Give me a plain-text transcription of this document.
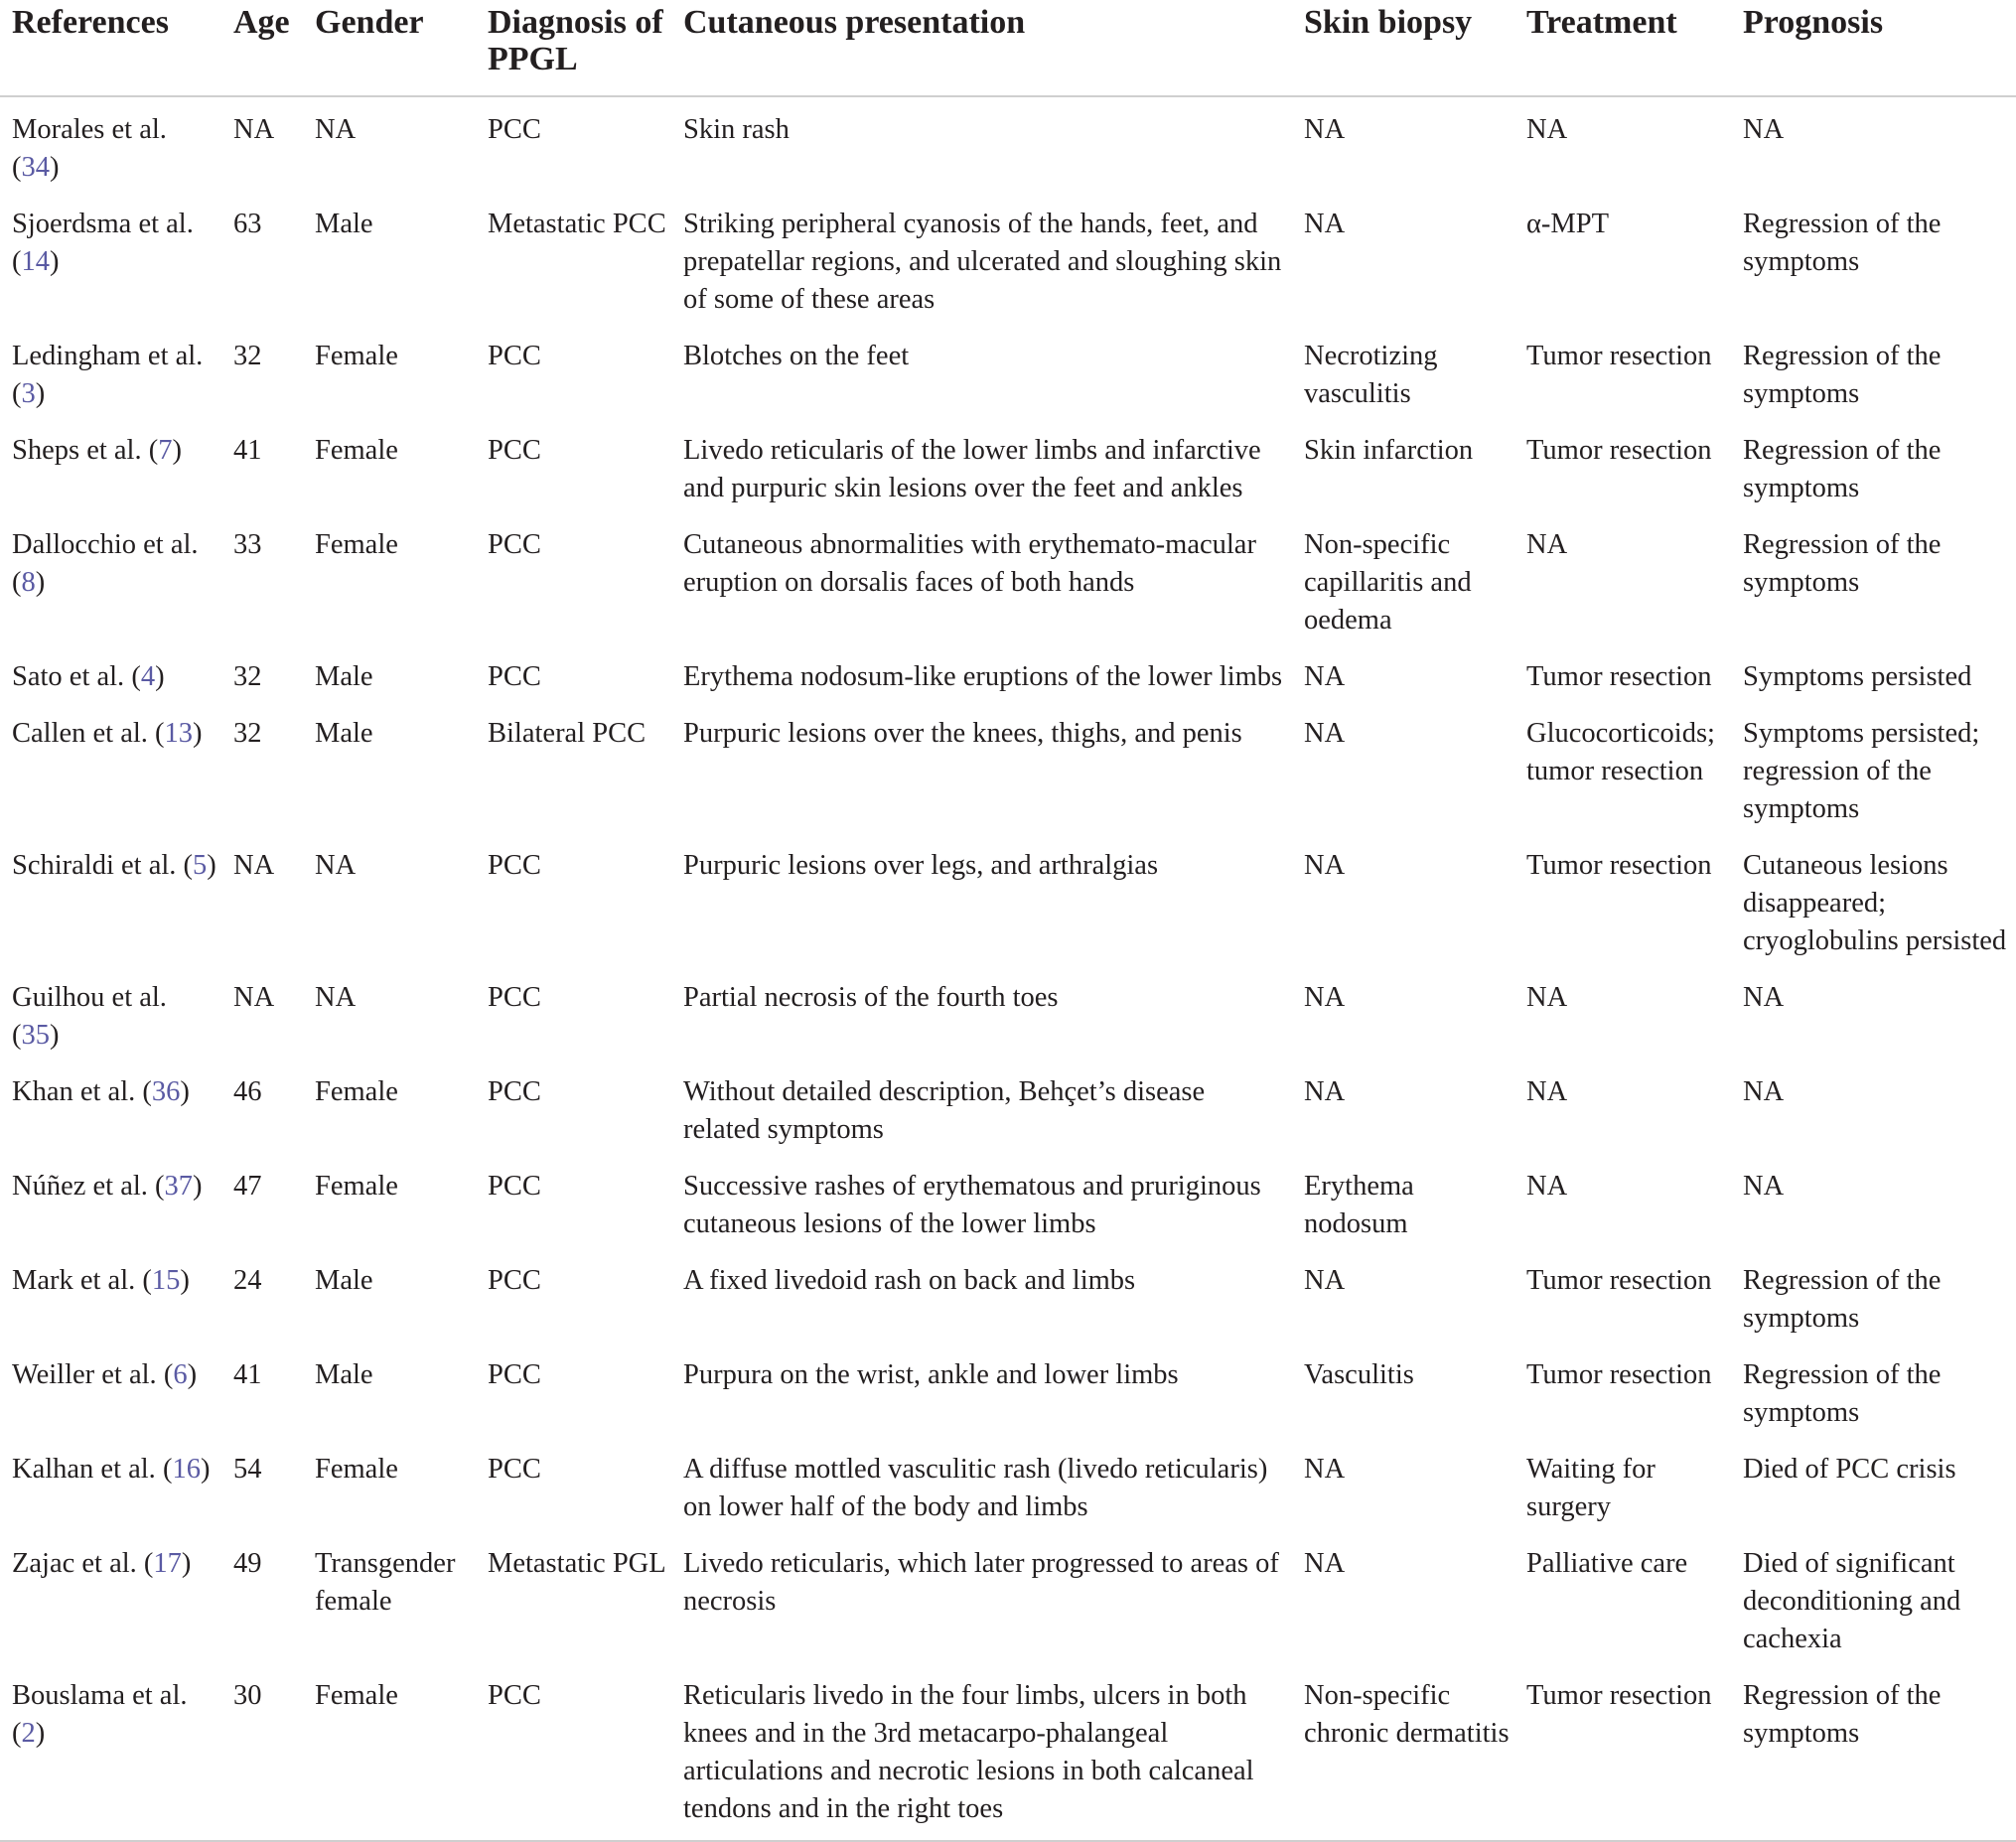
References	Age	Gender	Diagnosis of PPGL	Cutaneous presentation	Skin biopsy	Treatment	Prognosis
Morales et al. (34)	NA	NA	PCC	Skin rash	NA	NA	NA
Sjoerdsma et al. (14)	63	Male	Metastatic PCC	Striking peripheral cyanosis of the hands, feet, and prepatellar regions, and ulcerated and sloughing skin of some of these areas	NA	α-MPT	Regression of the symptoms
Ledingham et al. (3)	32	Female	PCC	Blotches on the feet	Necrotizing vasculitis	Tumor resection	Regression of the symptoms
Sheps et al. (7)	41	Female	PCC	Livedo reticularis of the lower limbs and infarctive and purpuric skin lesions over the feet and ankles	Skin infarction	Tumor resection	Regression of the symptoms
Dallocchio et al. (8)	33	Female	PCC	Cutaneous abnormalities with erythemato-macular eruption on dorsalis faces of both hands	Non-specific capillaritis and oedema	NA	Regression of the symptoms
Sato et al. (4)	32	Male	PCC	Erythema nodosum-like eruptions of the lower limbs	NA	Tumor resection	Symptoms persisted
Callen et al. (13)	32	Male	Bilateral PCC	Purpuric lesions over the knees, thighs, and penis	NA	Glucocorticoids; tumor resection	Symptoms persisted; regression of the symptoms
Schiraldi et al. (5)	NA	NA	PCC	Purpuric lesions over legs, and arthralgias	NA	Tumor resection	Cutaneous lesions disappeared; cryoglobulins persisted
Guilhou et al. (35)	NA	NA	PCC	Partial necrosis of the fourth toes	NA	NA	NA
Khan et al. (36)	46	Female	PCC	Without detailed description, Behçet’s disease related symptoms	NA	NA	NA
Núñez et al. (37)	47	Female	PCC	Successive rashes of erythematous and pruriginous cutaneous lesions of the lower limbs	Erythema nodosum	NA	NA
Mark et al. (15)	24	Male	PCC	A fixed livedoid rash on back and limbs	NA	Tumor resection	Regression of the symptoms
Weiller et al. (6)	41	Male	PCC	Purpura on the wrist, ankle and lower limbs	Vasculitis	Tumor resection	Regression of the symptoms
Kalhan et al. (16)	54	Female	PCC	A diffuse mottled vasculitic rash (livedo reticularis) on lower half of the body and limbs	NA	Waiting for surgery	Died of PCC crisis
Zajac et al. (17)	49	Transgender female	Metastatic PGL	Livedo reticularis, which later progressed to areas of necrosis	NA	Palliative care	Died of significant deconditioning and cachexia
Bouslama et al. (2)	30	Female	PCC	Reticularis livedo in the four limbs, ulcers in both knees and in the 3rd metacarpo-phalangeal articulations and necrotic lesions in both calcaneal tendons and in the right toes	Non-specific chronic dermatitis	Tumor resection	Regression of the symptoms
